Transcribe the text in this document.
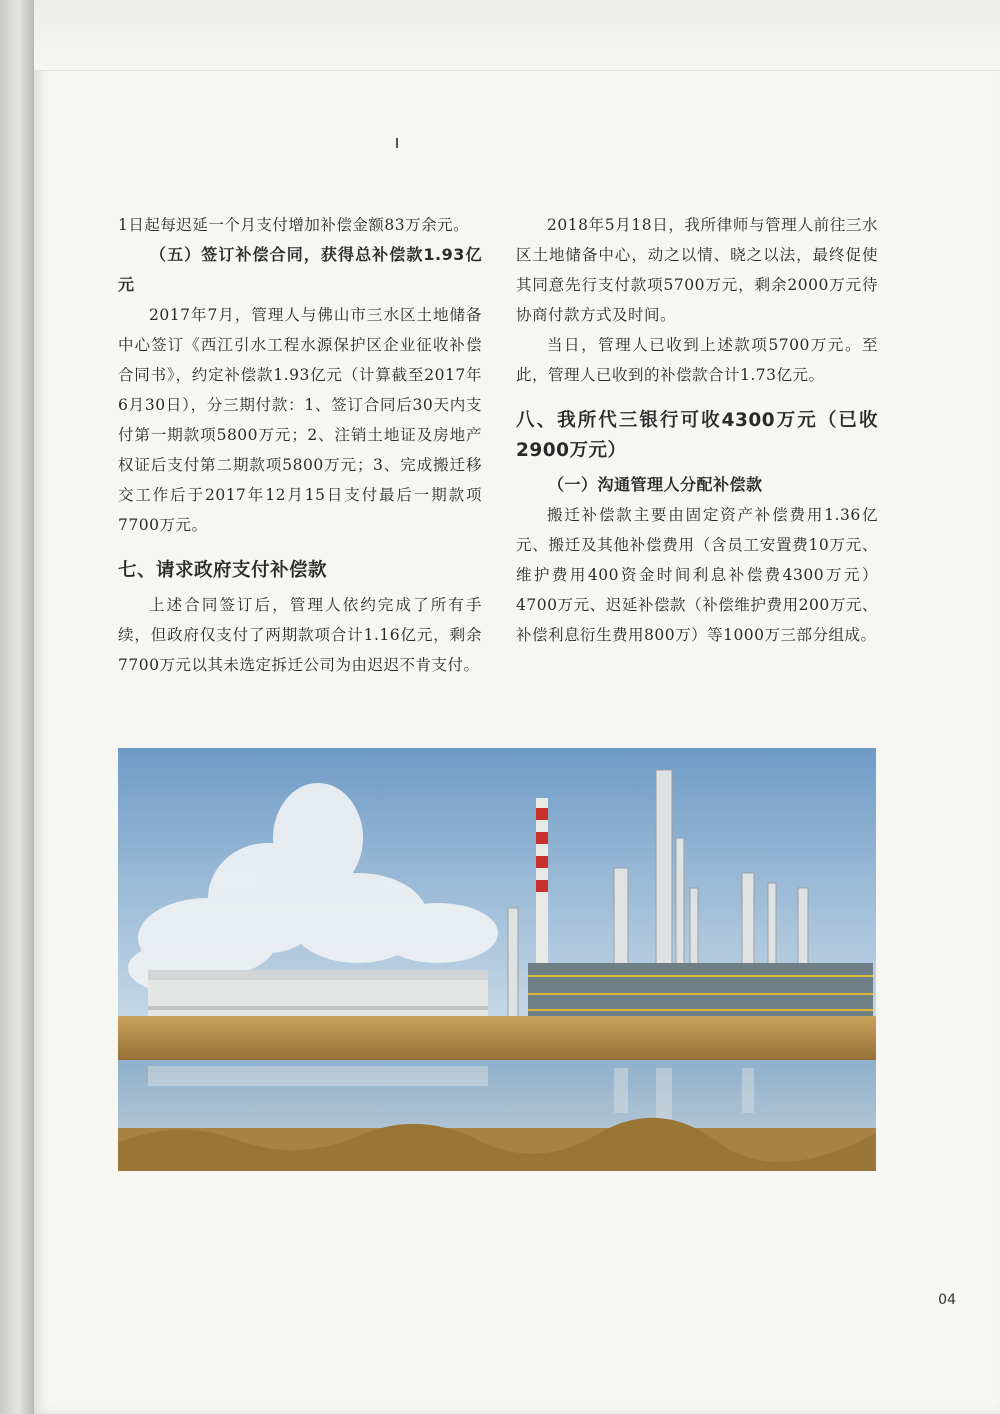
1日起每迟延一个月支付增加补偿金额83万余元。

（五）签订补偿合同，获得总补偿款1.93亿元

2017年7月，管理人与佛山市三水区土地储备中心签订《西江引水工程水源保护区企业征收补偿合同书》，约定补偿款1.93亿元（计算截至2017年6月30日），分三期付款：1、签订合同后30天内支付第一期款项5800万元；2、注销土地证及房地产权证后支付第二期款项5800万元；3、完成搬迁移交工作后于2017年12月15日支付最后一期款项7700万元。

七、请求政府支付补偿款

上述合同签订后，管理人依约完成了所有手续，但政府仅支付了两期款项合计1.16亿元，剩余7700万元以其未选定拆迁公司为由迟迟不肯支付。

2018年5月18日，我所律师与管理人前往三水区土地储备中心，动之以情、晓之以法，最终促使其同意先行支付款项5700万元，剩余2000万元待协商付款方式及时间。

当日，管理人已收到上述款项5700万元。至此，管理人已收到的补偿款合计1.73亿元。

八、我所代三银行可收4300万元（已收2900万元）

（一）沟通管理人分配补偿款

搬迁补偿款主要由固定资产补偿费用1.36亿元、搬迁及其他补偿费用（含员工安置费10万元、维护费用400资金时间利息补偿费4300万元）4700万元、迟延补偿款（补偿维护费用200万元、补偿利息衍生费用800万）等1000万三部分组成。

04
